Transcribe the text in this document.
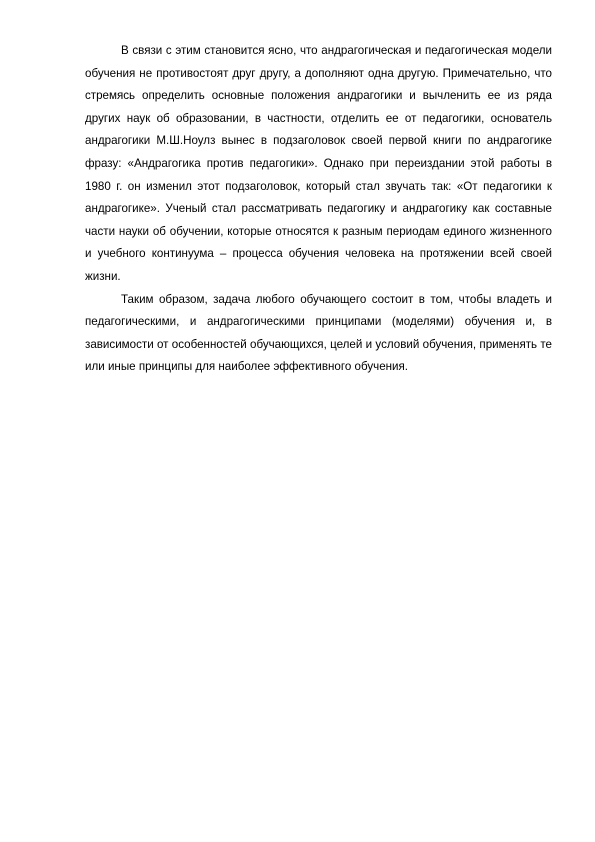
В связи с этим становится ясно, что андрагогическая и педагогическая модели обучения не противостоят друг другу, а дополняют одна другую. Примечательно, что стремясь определить основные положения андрагогики и вычленить ее из ряда других наук об образовании, в частности, отделить ее от педагогики, основатель андрагогики М.Ш.Ноулз вынес в подзаголовок своей первой книги по андрагогике фразу: «Андрагогика против педагогики». Однако при переиздании этой работы в 1980 г. он изменил этот подзаголовок, который стал звучать так: «От педагогики к андрагогике». Ученый стал рассматривать педагогику и андрагогику как составные части науки об обучении, которые относятся к разным периодам единого жизненного и учебного континуума – процесса обучения человека на протяжении всей своей жизни.

Таким образом, задача любого обучающего состоит в том, чтобы владеть и педагогическими, и андрагогическими принципами (моделями) обучения и, в зависимости от особенностей обучающихся, целей и условий обучения, применять те или иные принципы для наиболее эффективного обучения.
